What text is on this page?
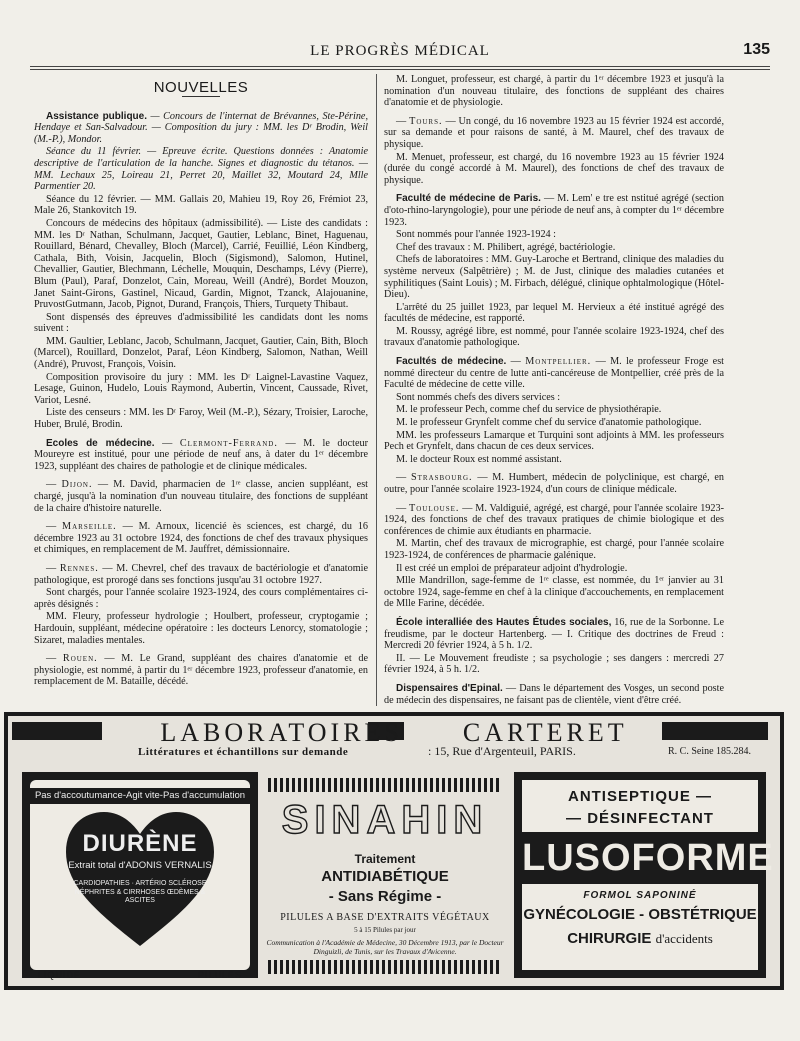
LE PROGRÈS MÉDICAL	135
NOUVELLES

Assistance publique. — Concours de l'internat de Brévannes, Ste-Périne, Hendaye et San-Salvadour. — Composition du jury : MM. les Dʳ Brodin, Weil (M.-P.), Mondor.

Séance du 11 février. — Epreuve écrite. Questions données : Anatomie descriptive de l'articulation de la hanche. Signes et diagnostic du tétanos. — MM. Lechaux 25, Loireau 21, Perret 20, Maillet 32, Moutard 24, Mlle Parmentier 20.

Séance du 12 février. — MM. Gallais 20, Mahieu 19, Roy 26, Frémiot 23, Male 26, Stankovitch 19.

Concours de médecins des hôpitaux (admissibilité). — Liste des candidats : MM. les Dʳ Nathan, Schulmann, Jacquet, Gautier, Leblanc, Binet, Haguenau, Rouillard, Bénard, Chevalley, Bloch (Marcel), Carrié, Feuillié, Léon Kindberg, Cathala, Bith, Voisin, Jacquelin, Bloch (Sigismond), Salomon, Hutinel, Chevallier, Gautier, Blechmann, Léchelle, Mouquin, Deschamps, Lévy (Pierre), Blum (Paul), Paraf, Donzelot, Cain, Moreau, Weill (André), Bordet Mouzon, Janet Saint-Girons, Gastinel, Nicaud, Gardin, Mignot, Tzanck, Alajouanine, PruvostGutmann, Jacob, Pignot, Durand, François, Thiers, Turquety Thibaut.

Sont dispensés des épreuves d'admissibilité les candidats dont les noms suivent :

MM. Gaultier, Leblanc, Jacob, Schulmann, Jacquet, Gautier, Cain, Bith, Bloch (Marcel), Rouillard, Donzelot, Paraf, Léon Kindberg, Salomon, Nathan, Weill (André), Pruvost, François, Voisin.

Composition provisoire du jury : MM. les Dʳ Laignel-Lavastine Vaquez, Lesage, Guinon, Hudelo, Louis Raymond, Aubertin, Vincent, Caussade, Rivet, Variot, Lesné.

Liste des censeurs : MM. les Dʳ Faroy, Weil (M.-P.), Sézary, Troisier, Laroche, Huber, Brulé, Brodin.

Ecoles de médecine. — Clermont-Ferrand. — M. le docteur Moureyre est institué, pour une période de neuf ans, à dater du 1ᵉʳ décembre 1923, suppléant des chaires de pathologie et de clinique médicales.

— Dijon. — M. David, pharmacien de 1ʳᵉ classe, ancien suppléant, est chargé, jusqu'à la nomination d'un nouveau titulaire, des fonctions de suppléant de la chaire d'histoire naturelle.

— Marseille. — M. Arnoux, licencié ès sciences, est chargé, du 16 décembre 1923 au 31 octobre 1924, des fonctions de chef des travaux physiques et chimiques, en remplacement de M. Jauffret, démissionnaire.

— Rennes. — M. Chevrel, chef des travaux de bactériologie et d'anatomie pathologique, est prorogé dans ses fonctions jusqu'au 31 octobre 1927.

Sont chargés, pour l'année scolaire 1923-1924, des cours complémentaires ci-après désignés :

MM. Fleury, professeur hydrologie ; Houlbert, professeur, cryptogamie ; Hardouin, suppléant, médecine opératoire : les docteurs Lenorcy, stomatologie ; Sizaret, maladies mentales.

— Rouen. — M. Le Grand, suppléant des chaires d'anatomie et de physiologie, est nommé, à partir du 1ᵉʳ décembre 1923, professeur d'anatomie, en remplacement de M. Bataille, décédé.

M. Longuet, professeur, est chargé, à partir du 1ᵉʳ décembre 1923 et jusqu'à la nomination d'un nouveau titulaire, des fonctions de suppléant des chaires d'anatomie et de physiologie.

— Tours. — Un congé, du 16 novembre 1923 au 15 février 1924 est accordé, sur sa demande et pour raisons de santé, à M. Maurel, chef des travaux de physique.

M. Menuet, professeur, est chargé, du 16 novembre 1923 au 15 février 1924 (durée du congé accordé à M. Maurel), des fonctions de chef des travaux de physique.

Faculté de médecine de Paris. — M. Lem' e tre est nstitué agrégé (section d'oto-rhino-laryngologie), pour une période de neuf ans, à compter du 1ᵉʳ décembre 1923.

Sont nommés pour l'année 1923-1924 :

Chef des travaux : M. Philibert, agrégé, bactériologie.

Chefs de laboratoires : MM. Guy-Laroche et Bertrand, clinique des maladies du système nerveux (Salpêtrière) ; M. de Just, clinique des maladies cutanées et syphilitiques (Saint Louis) ; M. Firbach, délégué, clinique ophtalmologique (Hôtel-Dieu).

L'arrêté du 25 juillet 1923, par lequel M. Hervieux a été institué agrégé des facultés de médecine, est rapporté.

M. Roussy, agrégé libre, est nommé, pour l'année scolaire 1923-1924, chef des travaux d'anatomie pathologique.

Facultés de médecine. — Montpellier. — M. le professeur Froge est nommé directeur du centre de lutte anti-cancéreuse de Montpellier, créé près de la Faculté de médecine de cette ville.

Sont nommés chefs des divers services :

M. le professeur Pech, comme chef du service de physiothérapie.

M. le professeur Grynfelt comme chef du service d'anatomie pathologique.

MM. les professeurs Lamarque et Turquini sont adjoints à MM. les professeurs Pech et Grynfelt, dans chacun de ces deux services.

M. le docteur Roux est nommé assistant.

— Strasbourg. — M. Humbert, médecin de polyclinique, est chargé, en outre, pour l'année scolaire 1923-1924, d'un cours de clinique médicale.

— Toulouse. — M. Valdiguié, agrégé, est chargé, pour l'année scolaire 1923-1924, des fonctions de chef des travaux pratiques de chimie biologique et des conférences de chimie aux étudiants en pharmacie.

M. Martin, chef des travaux de micrographie, est chargé, pour l'année scolaire 1923-1924, de conférences de pharmacie galénique.

Il est créé un emploi de préparateur adjoint d'hydrologie.

Mlle Mandrillon, sage-femme de 1ʳᵉ classe, est nommée, du 1ᵉʳ janvier au 31 octobre 1924, sage-femme en chef à la clinique d'accouchements, en remplacement de Mlle Farine, décédée.

École interalliée des Hautes Études sociales, 16, rue de la Sorbonne. Le freudisme, par le docteur Hartenberg. — I. Critique des doctrines de Freud : Mercredi 20 février 1924, à 5 h. 1/2.

II. — Le Mouvement freudiste ; sa psychologie ; ses dangers : mercredi 27 février 1924, à 5 h. 1/2.

Dispensaires d'Epinal. — Dans le département des Vosges, un second poste de médecin des dispensaires, ne faisant pas de clientèle, vient d'être créé.

LABORATOIRES CARTERET
Littératures et échantillons sur demande	: 15, Rue d'Argenteuil, PARIS.	R. C. Seine 185.284.
Pas d'accoutumance-Agit vite-Pas d'accumulation
DIURÈNE
Extrait total d'ADONIS VERNALIS
CARDIOPATHIES · ARTÉRIO SCLÉROSE NÉPHRITES & CIRRHOSES ŒDÈMES & ASCITES
LIQUIDE	PILULES
SINAHIN
Traitement
ANTIDIABÉTIQUE
- Sans Régime -
PILULES A BASE D'EXTRAITS VÉGÉTAUX
5 à 15 Pilules par jour
Communication à l'Académie de Médecine, 30 Décembre 1913, par le Docteur Dinguizli, de Tunis, sur les Travaux d'Avicenne.
ANTISEPTIQUE —
— DÉSINFECTANT
LUSOFORME
FORMOL SAPONINÉ
GYNÉCOLOGIE - OBSTÉTRIQUE
CHIRURGIE d'accidents
